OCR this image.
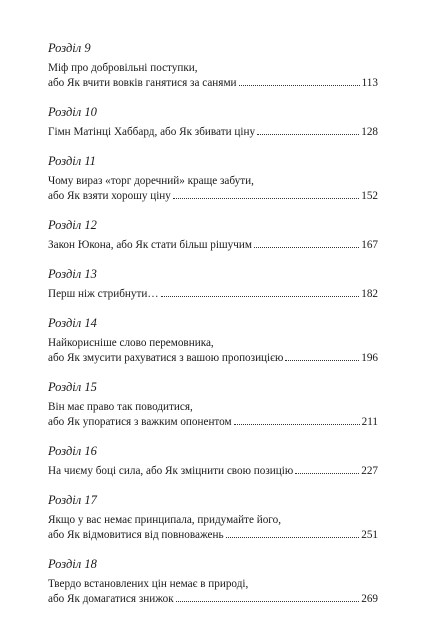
Розділ 9
Міф про добровільні поступки,
або Як вчити вовків ганятися за санями	113
Розділ 10
Гімн Матінці Хаббард, або Як збивати ціну	128
Розділ 11
Чому вираз «торг доречний» краще забути,
або Як взяти хорошу ціну	152
Розділ 12
Закон Юкона, або Як стати більш рішучим	167
Розділ 13
Перш ніж стрибнути…	182
Розділ 14
Найкорисніше слово перемовника,
або Як змусити рахуватися з вашою пропозицією	196
Розділ 15
Він має право так поводитися,
або Як упоратися з важким опонентом	211
Розділ 16
На чиєму боці сила, або Як зміцнити свою позицію	227
Розділ 17
Якщо у вас немає принципала, придумайте його,
або Як відмовитися від повноважень	251
Розділ 18
Твердо встановлених цін немає в природі,
або Як домагатися знижок	269
